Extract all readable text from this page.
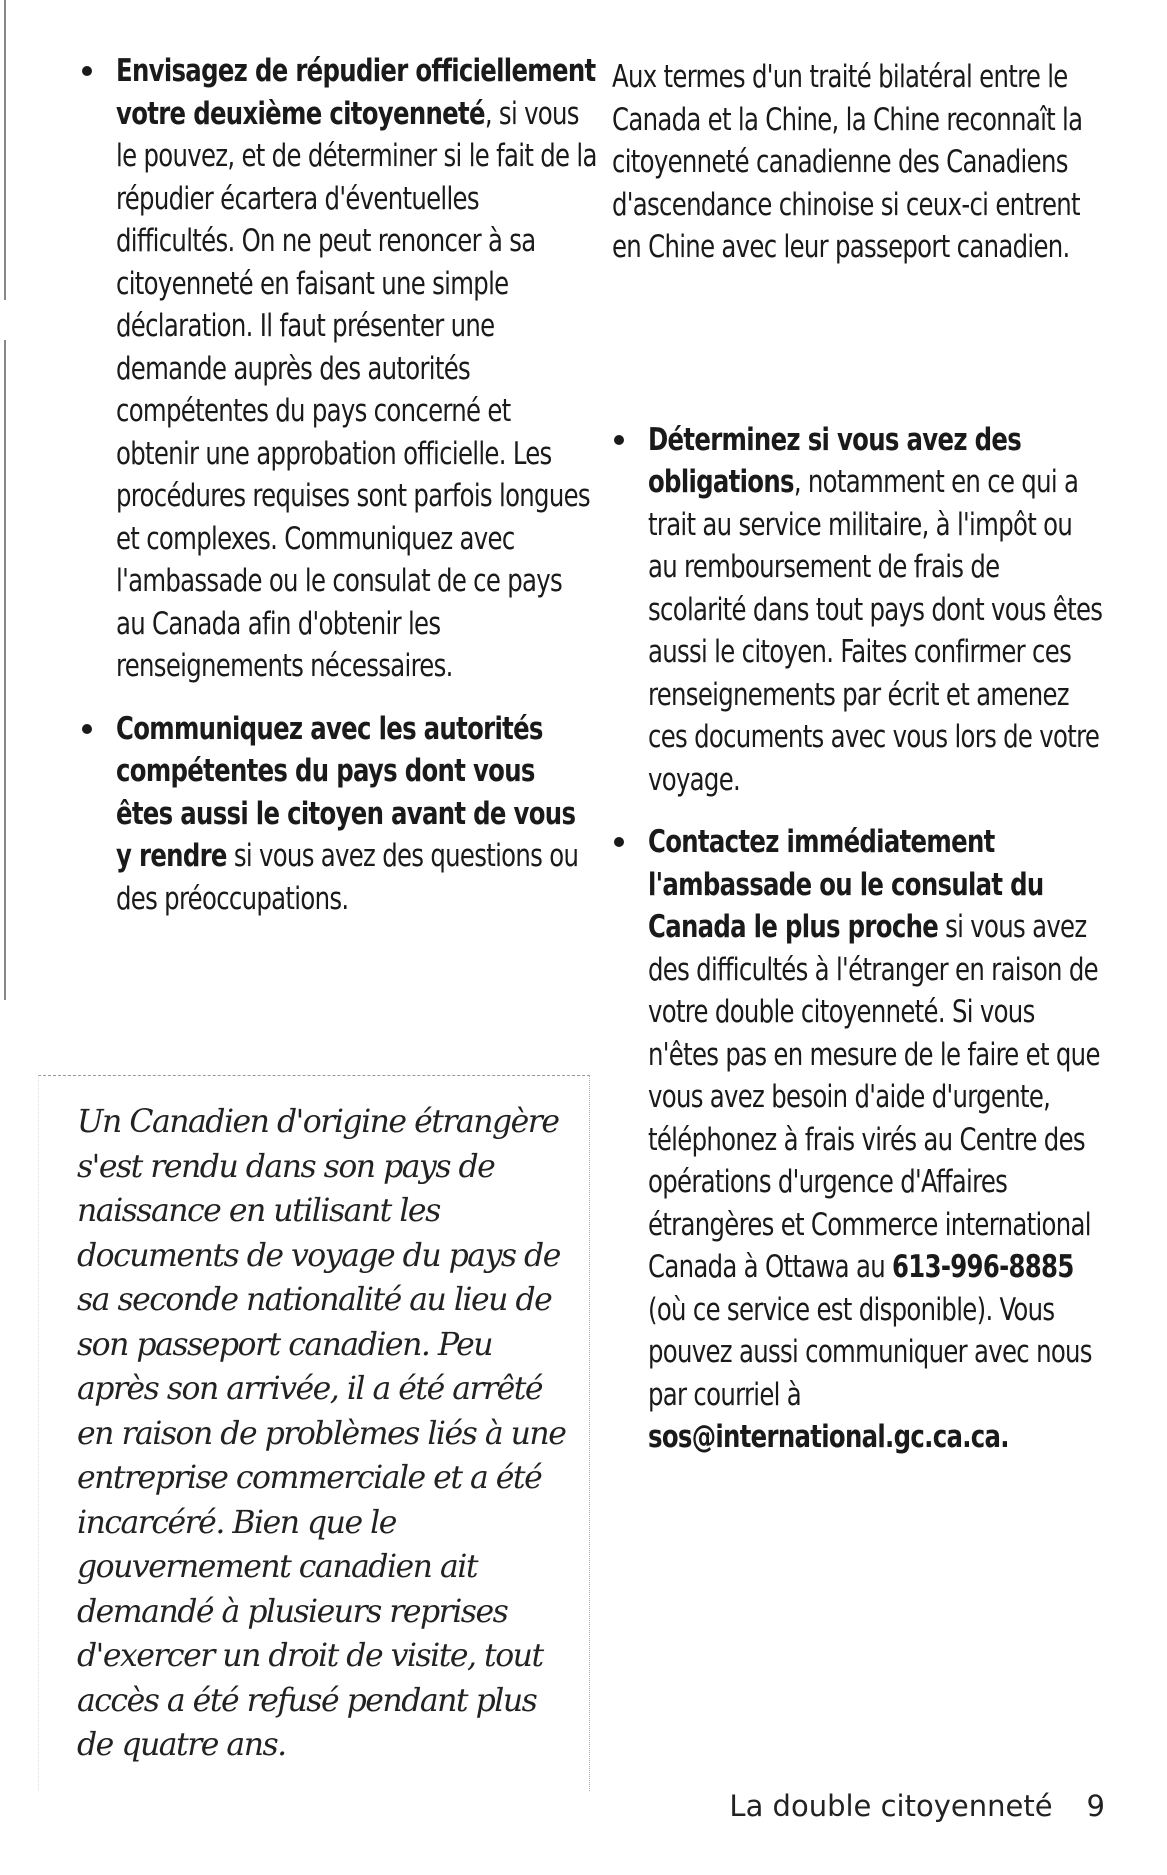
Envisagez de répudier officiellement votre deuxième citoyenneté, si vous le pouvez, et de déterminer si le fait de la répudier écartera d'éventuelles difficultés. On ne peut renoncer à sa citoyenneté en faisant une simple déclaration. Il faut présenter une demande auprès des autorités compétentes du pays concerné et obtenir une approbation officielle. Les procédures requises sont parfois longues et complexes. Communiquez avec l'ambassade ou le consulat de ce pays au Canada afin d'obtenir les renseignements nécessaires.
Communiquez avec les autorités compétentes du pays dont vous êtes aussi le citoyen avant de vous y rendre si vous avez des questions ou des préoccupations.
Un Canadien d'origine étrangère s'est rendu dans son pays de naissance en utilisant les documents de voyage du pays de sa seconde nationalité au lieu de son passeport canadien. Peu après son arrivée, il a été arrêté en raison de problèmes liés à une entreprise commerciale et a été incarcéré. Bien que le gouvernement canadien ait demandé à plusieurs reprises d'exercer un droit de visite, tout accès a été refusé pendant plus de quatre ans.
Aux termes d'un traité bilatéral entre le Canada et la Chine, la Chine reconnaît la citoyenneté canadienne des Canadiens d'ascendance chinoise si ceux-ci entrent en Chine avec leur passeport canadien.
Déterminez si vous avez des obligations, notamment en ce qui a trait au service militaire, à l'impôt ou au remboursement de frais de scolarité dans tout pays dont vous êtes aussi le citoyen. Faites confirmer ces renseignements par écrit et amenez ces documents avec vous lors de votre voyage.
Contactez immédiatement l'ambassade ou le consulat du Canada le plus proche si vous avez des difficultés à l'étranger en raison de votre double citoyenneté. Si vous n'êtes pas en mesure de le faire et que vous avez besoin d'aide d'urgente, téléphonez à frais virés au Centre des opérations d'urgence d'Affaires étrangères et Commerce international Canada à Ottawa au 613-996-8885 (où ce service est disponible). Vous pouvez aussi communiquer avec nous par courriel à sos@international.gc.ca.ca.
La double citoyenneté 9
